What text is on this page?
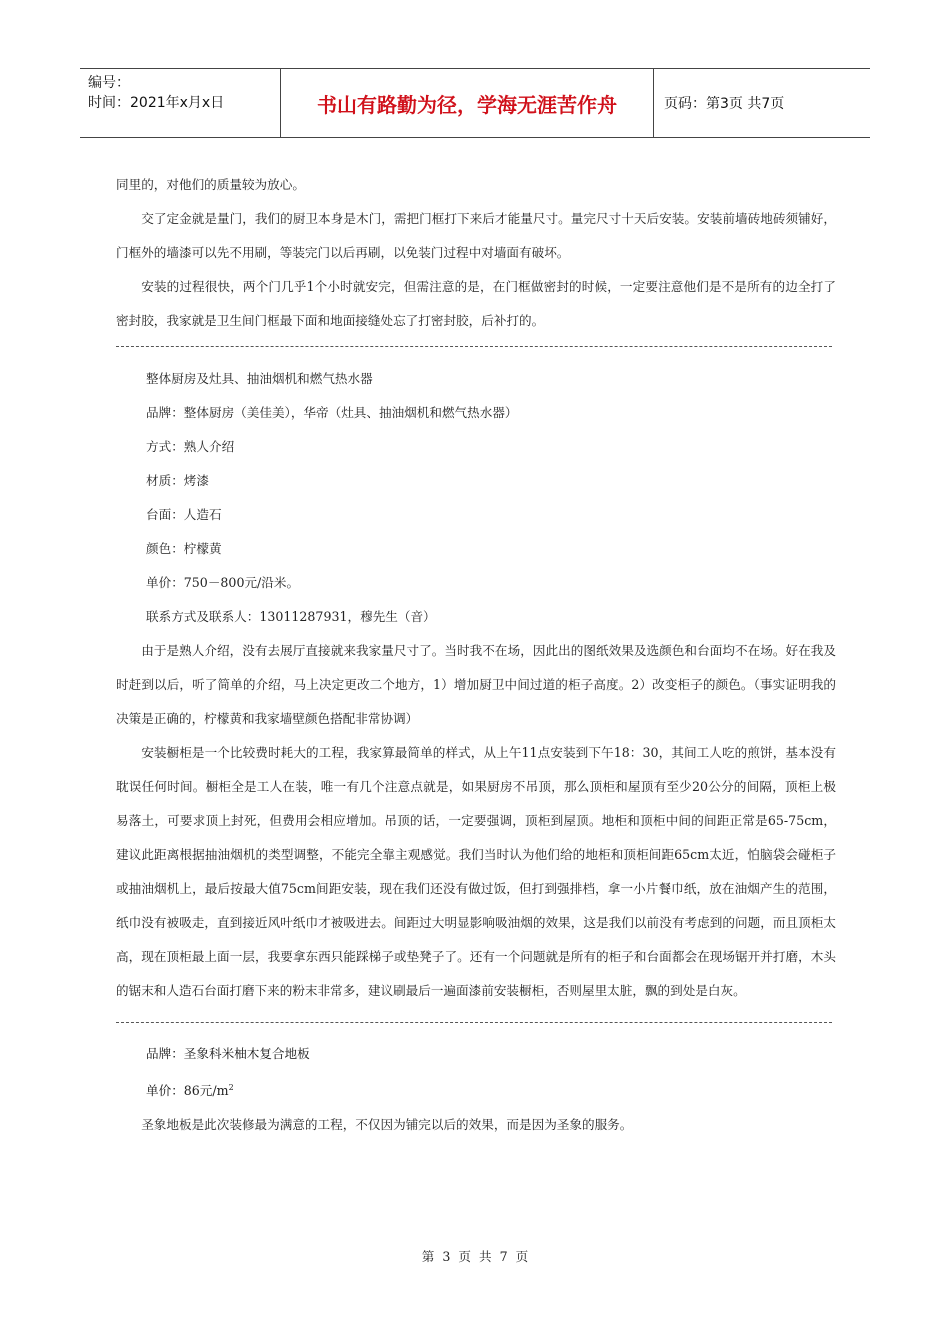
编号：
时间：2021年x月x日	书山有路勤为径，学海无涯苦作舟	页码：第3页 共7页

同里的，对他们的质量较为放心。

交了定金就是量门，我们的厨卫本身是木门，需把门框打下来后才能量尺寸。量完尺寸十天后安装。安装前墙砖地砖须铺好，门框外的墙漆可以先不用刷，等装完门以后再刷，以免装门过程中对墙面有破坏。

安装的过程很快，两个门几乎1个小时就安完，但需注意的是，在门框做密封的时候，一定要注意他们是不是所有的边全打了密封胶，我家就是卫生间门框最下面和地面接缝处忘了打密封胶，后补打的。

整体厨房及灶具、抽油烟机和燃气热水器
品牌：整体厨房（美佳美），华帝（灶具、抽油烟机和燃气热水器）
方式：熟人介绍
材质：烤漆
台面：人造石
颜色：柠檬黄
单价：750－800元/沿米。
联系方式及联系人：13011287931，穆先生（音）

由于是熟人介绍，没有去展厅直接就来我家量尺寸了。当时我不在场，因此出的图纸效果及选颜色和台面均不在场。好在我及时赶到以后，听了简单的介绍，马上决定更改二个地方，1）增加厨卫中间过道的柜子高度。2）改变柜子的颜色。（事实证明我的决策是正确的，柠檬黄和我家墙壁颜色搭配非常协调）

安装橱柜是一个比较费时耗大的工程，我家算最简单的样式，从上午11点安装到下午18：30，其间工人吃的煎饼，基本没有耽误任何时间。橱柜全是工人在装，唯一有几个注意点就是，如果厨房不吊顶，那么顶柜和屋顶有至少20公分的间隔，顶柜上极易落土，可要求顶上封死，但费用会相应增加。吊顶的话，一定要强调，顶柜到屋顶。地柜和顶柜中间的间距正常是65-75cm，建议此距离根据抽油烟机的类型调整，不能完全靠主观感觉。我们当时认为他们给的地柜和顶柜间距65cm太近，怕脑袋会碰柜子或抽油烟机上，最后按最大值75cm间距安装，现在我们还没有做过饭，但打到强排档，拿一小片餐巾纸，放在油烟产生的范围，纸巾没有被吸走，直到接近风叶纸巾才被吸进去。间距过大明显影响吸油烟的效果，这是我们以前没有考虑到的问题，而且顶柜太高，现在顶柜最上面一层，我要拿东西只能踩梯子或垫凳子了。还有一个问题就是所有的柜子和台面都会在现场锯开并打磨，木头的锯末和人造石台面打磨下来的粉末非常多，建议刷最后一遍面漆前安装橱柜，否则屋里太脏，飘的到处是白灰。

品牌：圣象科米柚木复合地板
单价：86元$/m^2$

圣象地板是此次装修最为满意的工程，不仅因为铺完以后的效果，而是因为圣象的服务。

第 3 页 共 7 页
